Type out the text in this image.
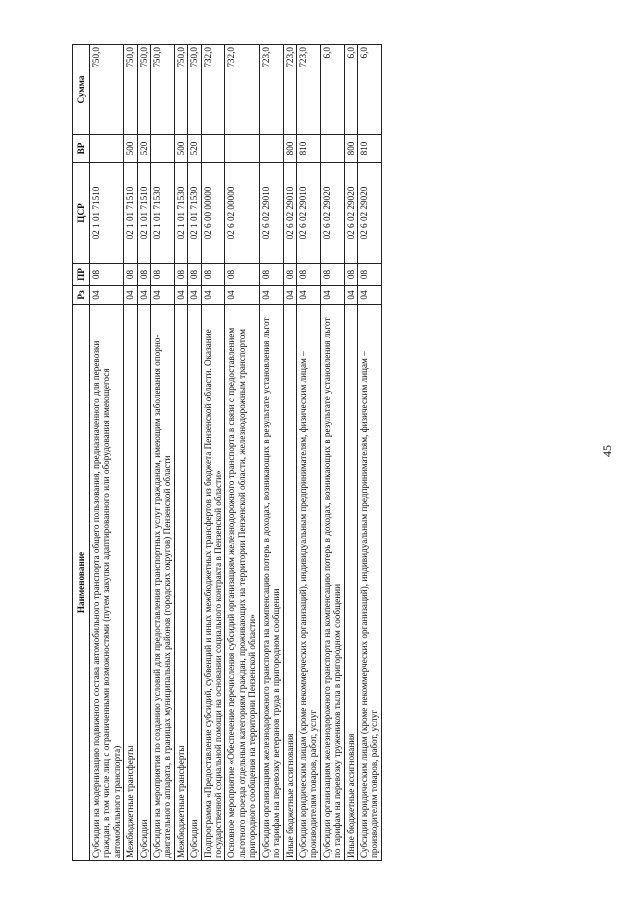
45
Наименование	Рз	ПР	ЦСР	ВР	Сумма
Субсидии на модернизацию подвижного состава автомобильного транспорта общего пользования, предназначенного для перевозки граждан, в том числе лиц с ограниченными возможностями (путем закупки адаптированного или оборудования имеющегося автомобильного транспорта)	04	08	02 1 01 71510		750,0
Межбюджетные трансферты	04	08	02 1 01 71510	500	750,0
Субсидии	04	08	02 1 01 71510	520	750,0
Субсидии на мероприятия по созданию условий для предоставления транспортных услуг гражданам, имеющим заболевания опорно-двигательного аппарата, в границах муниципальных районов (городских округов) Пензенской области	04	08	02 1 01 71530		750,0
Межбюджетные трансферты	04	08	02 1 01 71530	500	750,0
Субсидии	04	08	02 1 01 71530	520	750,0
Подпрограмма «Предоставление субсидий, субвенций и иных межбюджетных трансфертов из бюджета Пензенской области. Оказание государственной социальной помощи на основании социального контракта в Пензенской области»	04	08	02 6 00 00000		732,0
Основное мероприятие «Обеспечение перечисления субсидий организациям железнодорожного транспорта в связи с предоставлением льготного проезда отдельным категориям граждан, проживающих на территории Пензенской области, железнодорожным транспортом пригородного сообщения на территории Пензенской области»	04	08	02 6 02 00000		732,0
Субсидии организациям железнодорожного транспорта на компенсацию потерь в доходах, возникающих в результате установления льгот по тарифам на перевозку ветеранов труда в пригородном сообщении	04	08	02 6 02 29010		723,0
Иные бюджетные ассигнования	04	08	02 6 02 29010	800	723,0
Субсидии юридическим лицам (кроме некоммерческих организаций), индивидуальным предпринимателям, физическим лицам – производителям товаров, работ, услуг	04	08	02 6 02 29010	810	723,0
Субсидии организациям железнодорожного транспорта на компенсацию потерь в доходах, возникающих в результате установления льгот по тарифам на перевозку тружеников тыла в пригородном сообщении	04	08	02 6 02 29020		6,0
Иные бюджетные ассигнования	04	08	02 6 02 29020	800	6,0
Субсидии юридическим лицам (кроме некоммерческих организаций), индивидуальным предпринимателям, физическим лицам – производителям товаров, работ, услуг	04	08	02 6 02 29020	810	6,0
